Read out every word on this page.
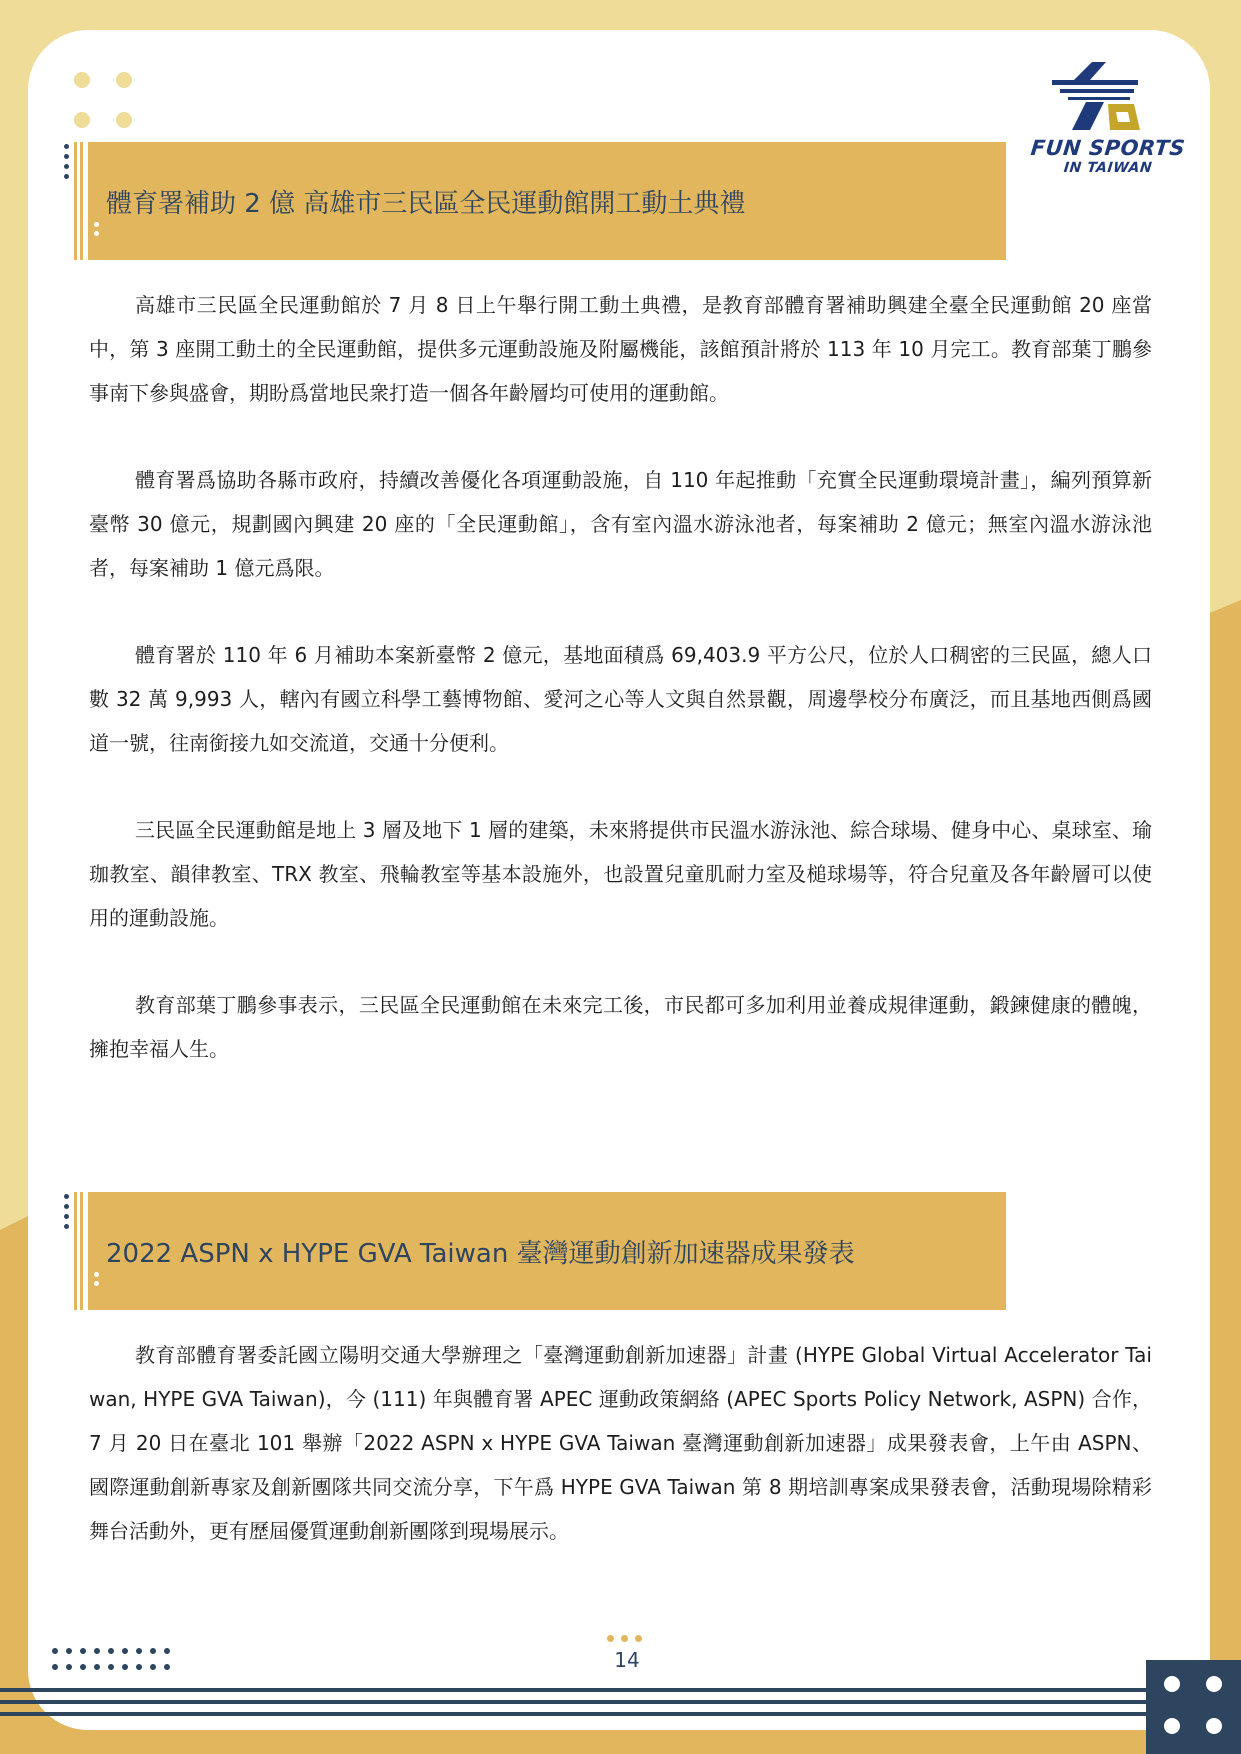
FUN SPORTS
IN TAIWAN
體育署補助 2 億 高雄市三民區全民運動館開工動土典禮

高雄市三民區全民運動館於 7 月 8 日上午舉行開工動土典禮，是教育部體育署補助興建全臺全民運動館 20 座當中，第 3 座開工動土的全民運動館，提供多元運動設施及附屬機能，該館預計將於 113 年 10 月完工。教育部葉丁鵬參事南下參與盛會，期盼爲當地民衆打造一個各年齡層均可使用的運動館。

體育署爲協助各縣市政府，持續改善優化各項運動設施，自 110 年起推動「充實全民運動環境計畫」，編列預算新臺幣 30 億元，規劃國內興建 20 座的「全民運動館」，含有室內溫水游泳池者，每案補助 2 億元；無室內溫水游泳池者，每案補助 1 億元爲限。

體育署於 110 年 6 月補助本案新臺幣 2 億元，基地面積爲 69,403.9 平方公尺，位於人口稠密的三民區，總人口數 32 萬 9,993 人，轄內有國立科學工藝博物館、愛河之心等人文與自然景觀，周邊學校分布廣泛，而且基地西側爲國道一號，往南銜接九如交流道，交通十分便利。

三民區全民運動館是地上 3 層及地下 1 層的建築，未來將提供市民溫水游泳池、綜合球場、健身中心、桌球室、瑜珈教室、韻律教室、TRX 教室、飛輪教室等基本設施外，也設置兒童肌耐力室及槌球場等，符合兒童及各年齡層可以使用的運動設施。

教育部葉丁鵬參事表示，三民區全民運動館在未來完工後，市民都可多加利用並養成規律運動，鍛鍊健康的體魄，擁抱幸福人生。

2022 ASPN x HYPE GVA Taiwan 臺灣運動創新加速器成果發表

教育部體育署委託國立陽明交通大學辦理之「臺灣運動創新加速器」計畫 (HYPE Global Virtual Accelerator Taiwan, HYPE GVA Taiwan)，今 (111) 年與體育署 APEC 運動政策網絡 (APEC Sports Policy Network, ASPN) 合作，7 月 20 日在臺北 101 舉辦「2022 ASPN x HYPE GVA Taiwan 臺灣運動創新加速器」成果發表會，上午由 ASPN、國際運動創新專家及創新團隊共同交流分享，下午爲 HYPE GVA Taiwan 第 8 期培訓專案成果發表會，活動現場除精彩舞台活動外，更有歷屆優質運動創新團隊到現場展示。

14
